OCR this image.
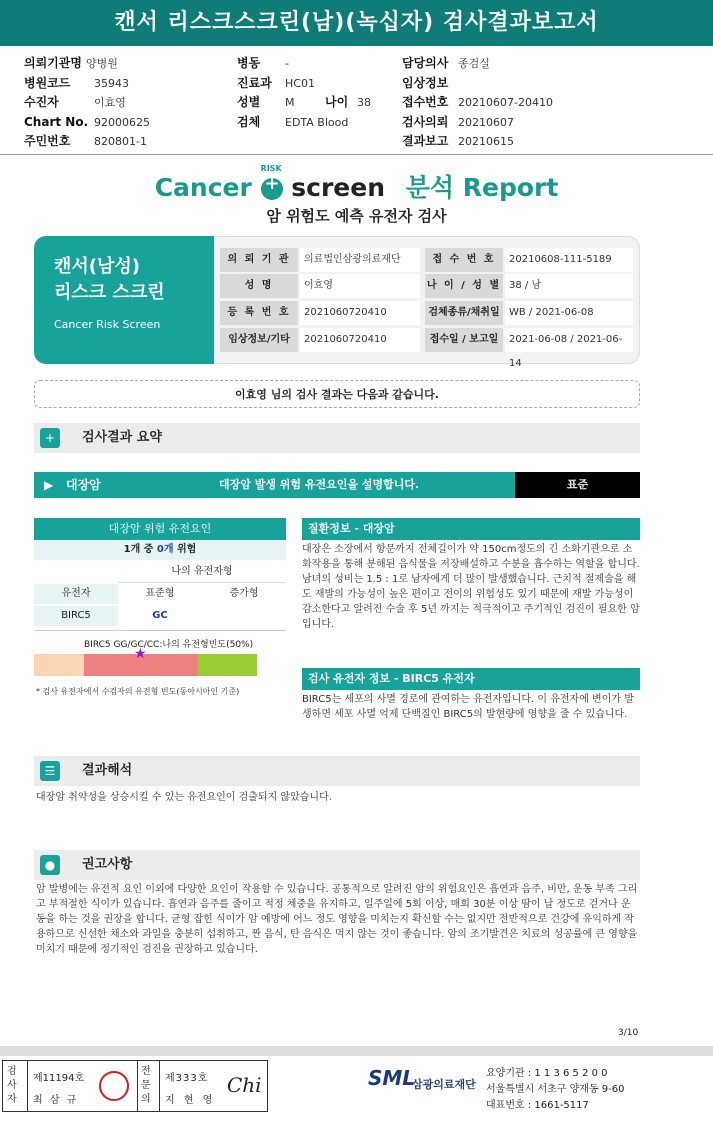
캔서 리스크스크린(남)(녹십자) 검사결과보고서
의뢰기관명 양병원
병원코드 35943
수진자	이효영
Chart No. 92000625
주민번호 820801-1
병동 -
진료과 HC01
성별 M	나이 38
검체 EDTA Blood
담당의사 종검실
임상정보
접수번호 20210607-20410
검사의뢰 20210607
결과보고 20210615
Cancer
RISK
+ screen 분석 Report
암 위험도 예측 유전자 검사
캔서(남성)
리스크 스크린
Cancer Risk Screen
의 뢰 기 관	의료법인삼광의료재단	접 수 번 호	20210608-111-5189
성 명	이효영	나 이 / 성 별 38 / 남
등 록 번 호	2021060720410	검체종류/채취일 WB / 2021-06-08
임상정보/기타	2021060720410	접수일 / 보고일	2021-06-08 / 2021-06-14
이효영 님의 검사 결과는 다음과 같습니다.
+	검사결과 요약
▶ 대장암	대장암 발생 위험 유전요인을 설명합니다.	표준
대장암 위험 유전요인
1개 중 0개 위험
나의 유전자형
유전자	표준형	증가형
BIRC5	GC
BIRC5 GG/GC/CC:나의 유전형빈도(50%)
★
* 검사 유전자에서 수검자의 유전형 빈도(동아시아인 기준)
질환정보 - 대장암
대장은 소장에서 항문까지 전체길이가 약 150cm정도의 긴 소화기관으로 소화작용을 통해 분해된 음식물을 저장배설하고 수분을 흡수하는 역할을 합니다. 남녀의 성비는 1.5 : 1로 남자에게 더 많이 발생했습니다. 근치적 절제술을 해도 재발의 가능성이 높은 편이고 전이의 위험성도 있기 때문에 재발 가능성이 감소한다고 알려진 수술 후 5년 까지는 적극적이고 주기적인 검진이 필요한 암입니다.
검사 유전자 정보 - BIRC5 유전자
BIRC5는 세포의 사멸 경로에 관여하는 유전자입니다. 이 유전자에 변이가 발생하면 세포 사멸 억제 단백질인 BIRC5의 발현량에 영향을 줄 수 있습니다.
☰	결과해석
대장암 취약성을 상승시킬 수 있는 유전요인이 검출되지 않았습니다.
●	권고사항
암 발병에는 유전적 요인 이외에 다양한 요인이 작용할 수 있습니다. 공통적으로 알려진 암의 위험요인은 흡연과 음주, 비만, 운동 부족 그리고 부적절한 식이가 있습니다. 흡연과 음주를 줄이고 적정 체중을 유지하고, 일주일에 5회 이상, 매회 30분 이상 땀이 날 정도로 걷거나 운동을 하는 것을 권장을 합니다. 균형 잡힌 식이가 암 예방에 어느 정도 영향을 미치는지 확신할 수는 없지만 전반적으로 건강에 유익하게 작용하므로 신선한 채소와 과일을 충분히 섭취하고, 짠 음식, 탄 음식은 먹지 않는 것이 좋습니다. 암의 조기발견은 치료의 성공률에 큰 영향을 미치기 때문에 정기적인 검진을 권장하고 있습니다.
3/10
검사자
제11194호
최 삼 규
전문의
제333호
지 현 영
Chi	SML
삼광의료재단
요양기관 : 1 1 3 6 5 2 0 0
서울특별시 서초구 양재동 9-60
대표번호 : 1661-5117
